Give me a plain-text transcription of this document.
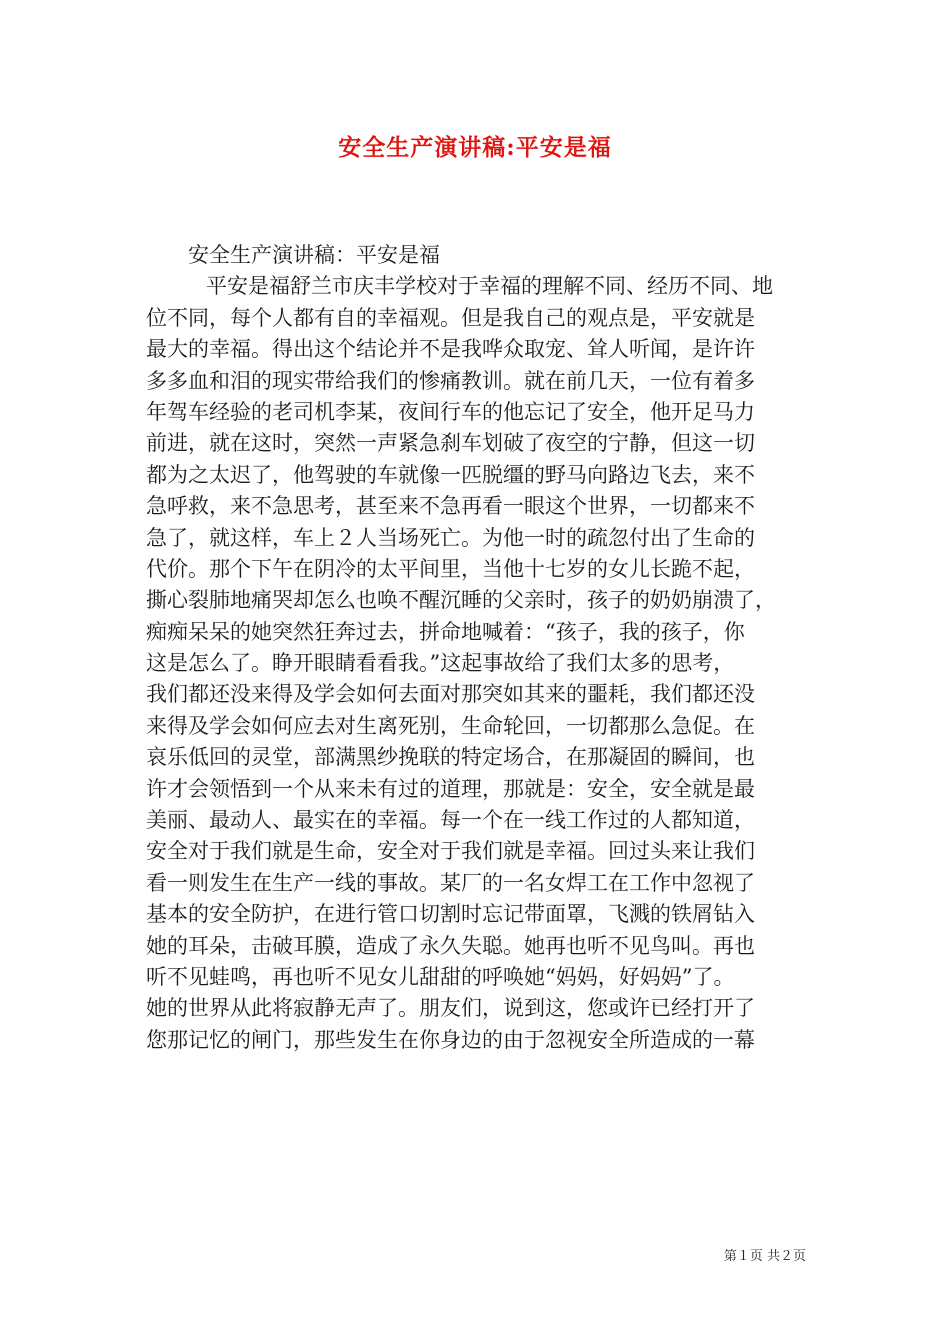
安全生产演讲稿:平安是福

安全生产演讲稿：平安是福

平安是福舒兰市庆丰学校对于幸福的理解不同、经历不同、地

位不同，每个人都有自的幸福观。但是我自己的观点是，平安就是

最大的幸福。得出这个结论并不是我哗众取宠、耸人听闻，是许许

多多血和泪的现实带给我们的惨痛教训。就在前几天，一位有着多

年驾车经验的老司机李某，夜间行车的他忘记了安全，他开足马力

前进，就在这时，突然一声紧急刹车划破了夜空的宁静，但这一切

都为之太迟了，他驾驶的车就像一匹脱缰的野马向路边飞去，来不

急呼救，来不急思考，甚至来不急再看一眼这个世界，一切都来不

急了，就这样，车上２人当场死亡。为他一时的疏忽付出了生命的

代价。那个下午在阴冷的太平间里，当他十七岁的女儿长跪不起，

撕心裂肺地痛哭却怎么也唤不醒沉睡的父亲时，孩子的奶奶崩溃了，

痴痴呆呆的她突然狂奔过去，拼命地喊着：“孩子，我的孩子，你

这是怎么了。睁开眼睛看看我。”这起事故给了我们太多的思考，

我们都还没来得及学会如何去面对那突如其来的噩耗，我们都还没

来得及学会如何应去对生离死别，生命轮回，一切都那么急促。在

哀乐低回的灵堂，部满黑纱挽联的特定场合，在那凝固的瞬间，也

许才会领悟到一个从来未有过的道理，那就是：安全，安全就是最

美丽、最动人、最实在的幸福。每一个在一线工作过的人都知道，

安全对于我们就是生命，安全对于我们就是幸福。回过头来让我们

看一则发生在生产一线的事故。某厂的一名女焊工在工作中忽视了

基本的安全防护，在进行管口切割时忘记带面罩，飞溅的铁屑钻入

她的耳朵，击破耳膜，造成了永久失聪。她再也听不见鸟叫。再也

听不见蛙鸣，再也听不见女儿甜甜的呼唤她“妈妈，好妈妈”了。

她的世界从此将寂静无声了。朋友们，说到这，您或许已经打开了

您那记忆的闸门，那些发生在你身边的由于忽视安全所造成的一幕

第１页 共２页
